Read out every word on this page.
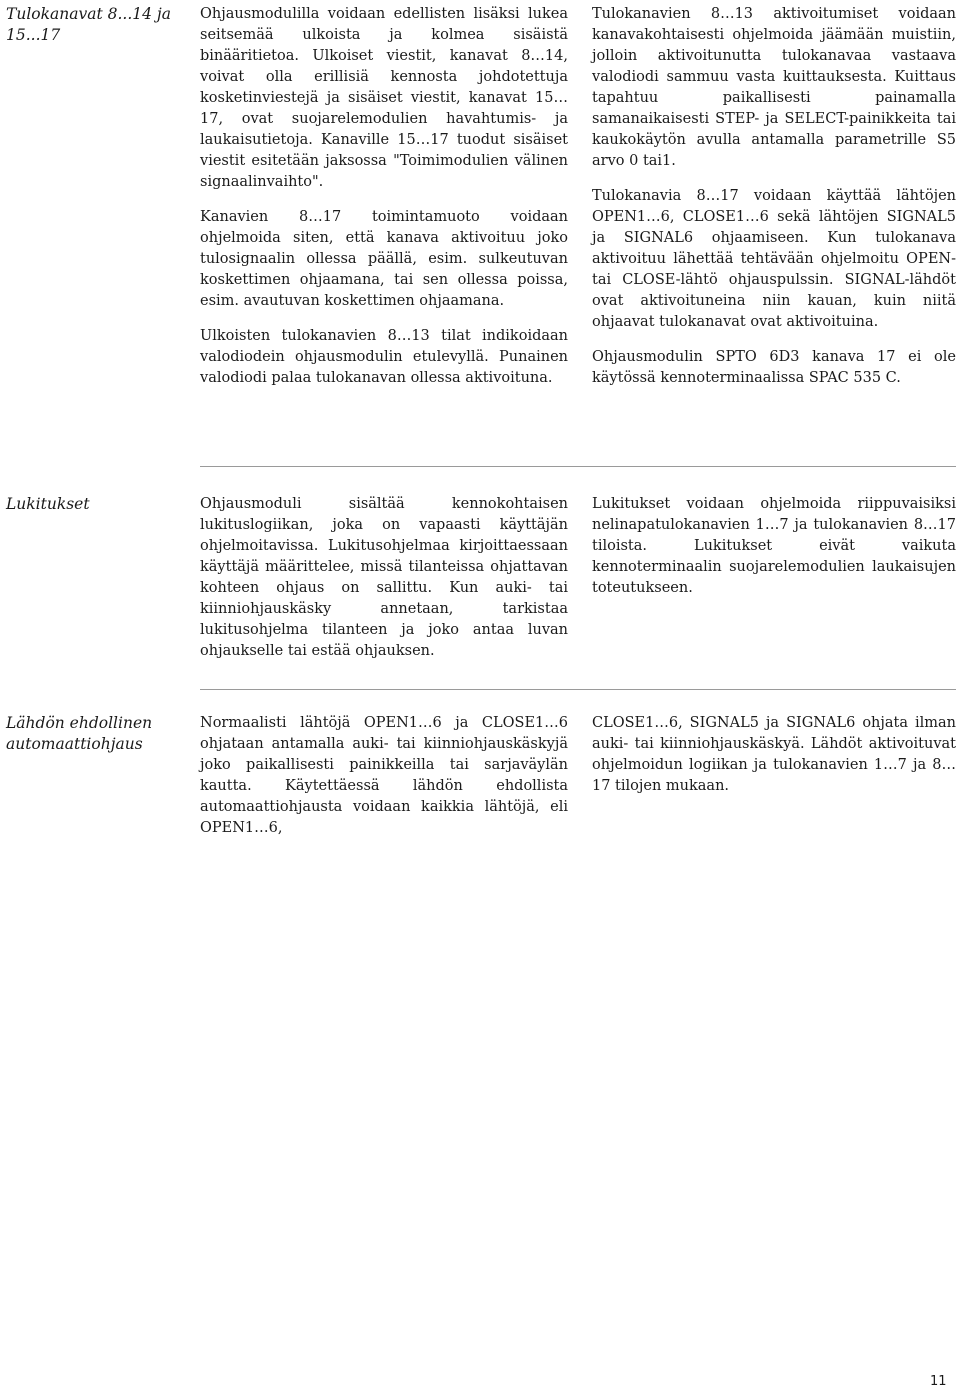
Tulokanavat 8...14 ja 15...17

Ohjausmodulilla voidaan edellisten lisäksi lukea seitsemää ulkoista ja kolmea sisäistä binääritietoa. Ulkoiset viestit, kanavat 8…14, voivat olla erillisiä kennosta johdotettuja kosketinviestejä ja sisäiset viestit, kanavat 15…17, ovat suojarelemodulien havahtumis- ja laukaisutietoja. Kanaville 15…17 tuodut sisäiset viestit esitetään jaksossa "Toimimodulien välinen signaalinvaihto".

Kanavien 8…17 toimintamuoto voidaan ohjelmoida siten, että kanava aktivoituu joko tulosignaalin ollessa päällä, esim. sulkeutuvan koskettimen ohjaamana, tai sen ollessa poissa, esim. avautuvan koskettimen ohjaamana.

Ulkoisten tulokanavien 8…13 tilat indikoidaan valodiodein ohjausmodulin etulevyllä. Punainen valodiodi palaa tulokanavan ollessa aktivoituna.

Tulokanavien 8…13 aktivoitumiset voidaan kanavakohtaisesti ohjelmoida jäämään muistiin, jolloin aktivoitunutta tulokanavaa vastaava valodiodi sammuu vasta kuittauksesta. Kuittaus tapahtuu paikallisesti painamalla samanaikaisesti STEP- ja SELECT-painikkeita tai kaukokäytön avulla antamalla parametrille S5 arvo 0 tai1.

Tulokanavia 8…17 voidaan käyttää lähtöjen OPEN1…6, CLOSE1…6 sekä lähtöjen SIGNAL5 ja SIGNAL6 ohjaamiseen. Kun tulokanava aktivoituu lähettää tehtävään ohjelmoitu OPEN- tai CLOSE-lähtö ohjauspulssin. SIGNAL-lähdöt ovat aktivoituneina niin kauan, kuin niitä ohjaavat tulokanavat ovat aktivoituina.

Ohjausmodulin SPTO 6D3 kanava 17 ei ole käytössä kennoterminaalissa SPAC 535 C.

Lukitukset	Ohjausmoduli sisältää kennokohtaisen lukituslogiikan, joka on vapaasti käyttäjän ohjelmoitavissa. Lukitusohjelmaa kirjoittaessaan käyttäjä määrittelee, missä tilanteissa ohjattavan kohteen ohjaus on sallittu. Kun auki- tai kiinniohjauskäsky annetaan, tarkistaa lukitusohjelma tilanteen ja joko antaa luvan ohjaukselle tai estää ohjauksen.

Lukitukset voidaan ohjelmoida riippuvaisiksi nelinapatulokanavien 1…7 ja tulokanavien 8…17 tiloista. Lukitukset eivät vaikuta kennoterminaalin suojarelemodulien laukaisujen toteutukseen.

Lähdön ehdollinen automaattiohjaus

Normaalisti lähtöjä OPEN1…6 ja CLOSE1…6 ohjataan antamalla auki- tai kiinniohjauskäskyjä joko paikallisesti painikkeilla tai sarjaväylän kautta. Käytettäessä lähdön ehdollista automaattiohjausta voidaan kaikkia lähtöjä, eli OPEN1…6,

CLOSE1…6, SIGNAL5 ja SIGNAL6 ohjata ilman auki- tai kiinniohjauskäskyä. Lähdöt aktivoituvat ohjelmoidun logiikan ja tulokanavien 1…7 ja 8…17 tilojen mukaan.

11
